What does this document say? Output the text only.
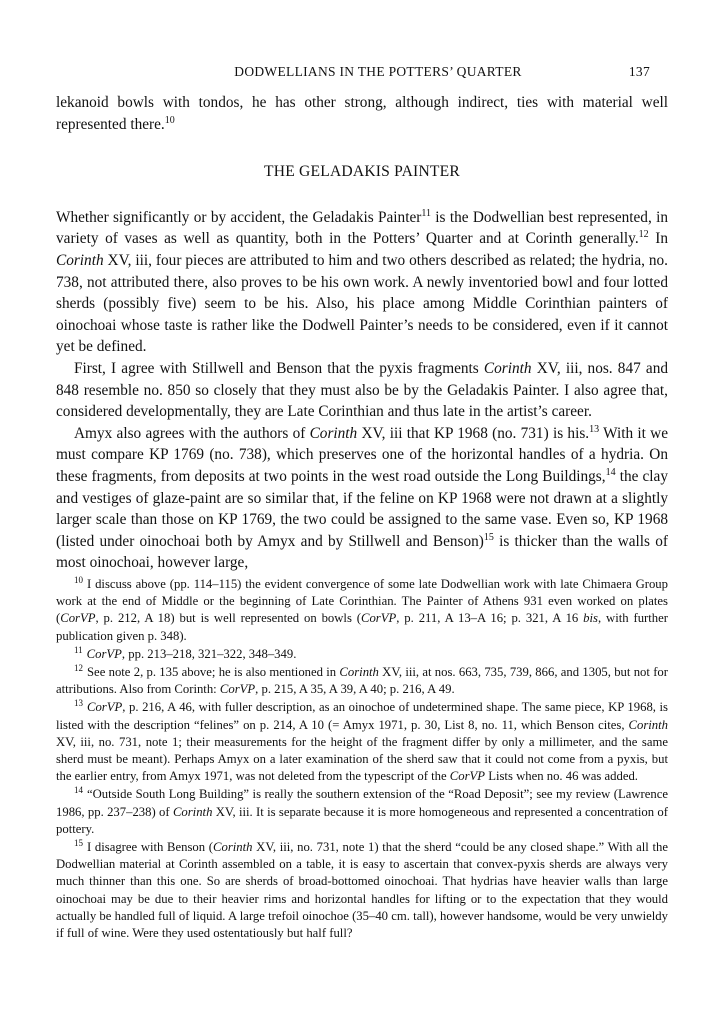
DODWELLIANS IN THE POTTERS’ QUARTER	137

lekanoid bowls with tondos, he has other strong, although indirect, ties with material well represented there.$^{10}$

THE GELADAKIS PAINTER

Whether significantly or by accident, the Geladakis Painter$^{11}$ is the Dodwellian best represented, in variety of vases as well as quantity, both in the Potters’ Quarter and at Corinth generally.$^{12}$ In Corinth XV, iii, four pieces are attributed to him and two others described as related; the hydria, no. 738, not attributed there, also proves to be his own work. A newly inventoried bowl and four lotted sherds (possibly five) seem to be his. Also, his place among Middle Corinthian painters of oinochoai whose taste is rather like the Dodwell Painter’s needs to be considered, even if it cannot yet be defined.

First, I agree with Stillwell and Benson that the pyxis fragments Corinth XV, iii, nos. 847 and 848 resemble no. 850 so closely that they must also be by the Geladakis Painter. I also agree that, considered developmentally, they are Late Corinthian and thus late in the artist’s career.

Amyx also agrees with the authors of Corinth XV, iii that KP 1968 (no. 731) is his.$^{13}$ With it we must compare KP 1769 (no. 738), which preserves one of the horizontal handles of a hydria. On these fragments, from deposits at two points in the west road outside the Long Buildings,$^{14}$ the clay and vestiges of glaze-paint are so similar that, if the feline on KP 1968 were not drawn at a slightly larger scale than those on KP 1769, the two could be assigned to the same vase. Even so, KP 1968 (listed under oinochoai both by Amyx and by Stillwell and Benson)$^{15}$ is thicker than the walls of most oinochoai, however large,

$^{10}$ I discuss above (pp. 114–115) the evident convergence of some late Dodwellian work with late Chimaera Group work at the end of Middle or the beginning of Late Corinthian. The Painter of Athens 931 even worked on plates (CorVP, p. 212, A 18) but is well represented on bowls (CorVP, p. 211, A 13–A 16; p. 321, A 16 bis, with further publication given p. 348).

$^{11}$ CorVP, pp. 213–218, 321–322, 348–349.

$^{12}$ See note 2, p. 135 above; he is also mentioned in Corinth XV, iii, at nos. 663, 735, 739, 866, and 1305, but not for attributions. Also from Corinth: CorVP, p. 215, A 35, A 39, A 40; p. 216, A 49.

$^{13}$ CorVP, p. 216, A 46, with fuller description, as an oinochoe of undetermined shape. The same piece, KP 1968, is listed with the description “felines” on p. 214, A 10 (= Amyx 1971, p. 30, List 8, no. 11, which Benson cites, Corinth XV, iii, no. 731, note 1; their measurements for the height of the fragment differ by only a millimeter, and the same sherd must be meant). Perhaps Amyx on a later examination of the sherd saw that it could not come from a pyxis, but the earlier entry, from Amyx 1971, was not deleted from the typescript of the CorVP Lists when no. 46 was added.

$^{14}$ “Outside South Long Building” is really the southern extension of the “Road Deposit”; see my review (Lawrence 1986, pp. 237–238) of Corinth XV, iii. It is separate because it is more homogeneous and represented a concentration of pottery.

$^{15}$ I disagree with Benson (Corinth XV, iii, no. 731, note 1) that the sherd “could be any closed shape.” With all the Dodwellian material at Corinth assembled on a table, it is easy to ascertain that convex-pyxis sherds are always very much thinner than this one. So are sherds of broad-bottomed oinochoai. That hydrias have heavier walls than large oinochoai may be due to their heavier rims and horizontal handles for lifting or to the expectation that they would actually be handled full of liquid. A large trefoil oinochoe (35–40 cm. tall), however handsome, would be very unwieldy if full of wine. Were they used ostentatiously but half full?
